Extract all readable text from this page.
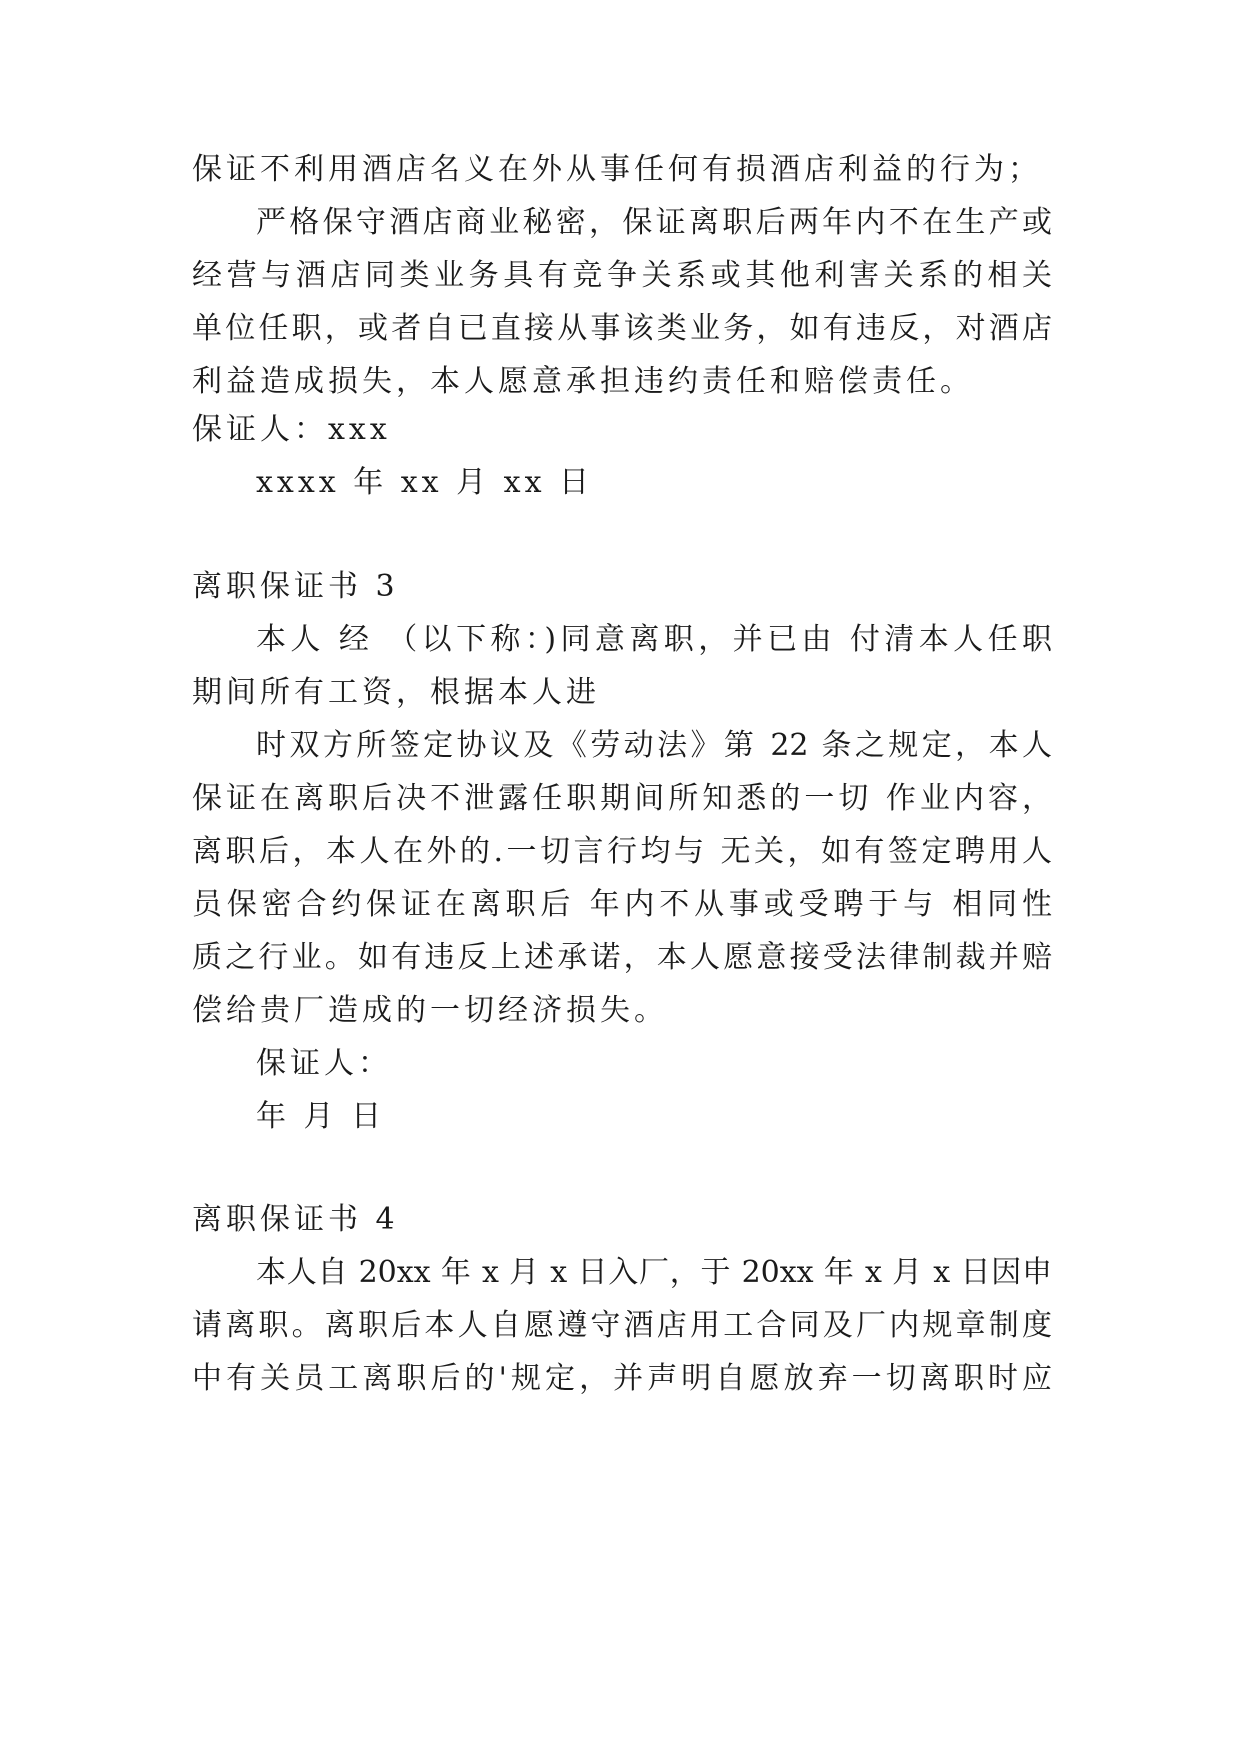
保证不利用酒店名义在外从事任何有损酒店利益的行为；
严格保守酒店商业秘密，保证离职后两年内不在生产或
经营与酒店同类业务具有竞争关系或其他利害关系的相关
单位任职，或者自已直接从事该类业务，如有违反，对酒店
利益造成损失，本人愿意承担违约责任和赔偿责任。
保证人：xxx
xxxx 年 xx 月 xx 日
离职保证书 3
本人 经 （以下称：)同意离职，并已由 付清本人任职
期间所有工资，根据本人进
时双方所签定协议及《劳动法》第 22 条之规定，本人
保证在离职后决不泄露任职期间所知悉的一切 作业内容，
离职后，本人在外的.一切言行均与 无关，如有签定聘用人
员保密合约保证在离职后 年内不从事或受聘于与 相同性
质之行业。如有违反上述承诺，本人愿意接受法律制裁并赔
偿给贵厂造成的一切经济损失。
保证人：
年 月 日
离职保证书 4
本人自 20xx 年 x 月 x 日入厂，于 20xx 年 x 月 x 日因申
请离职。离职后本人自愿遵守酒店用工合同及厂内规章制度
中有关员工离职后的'规定，并声明自愿放弃一切离职时应
